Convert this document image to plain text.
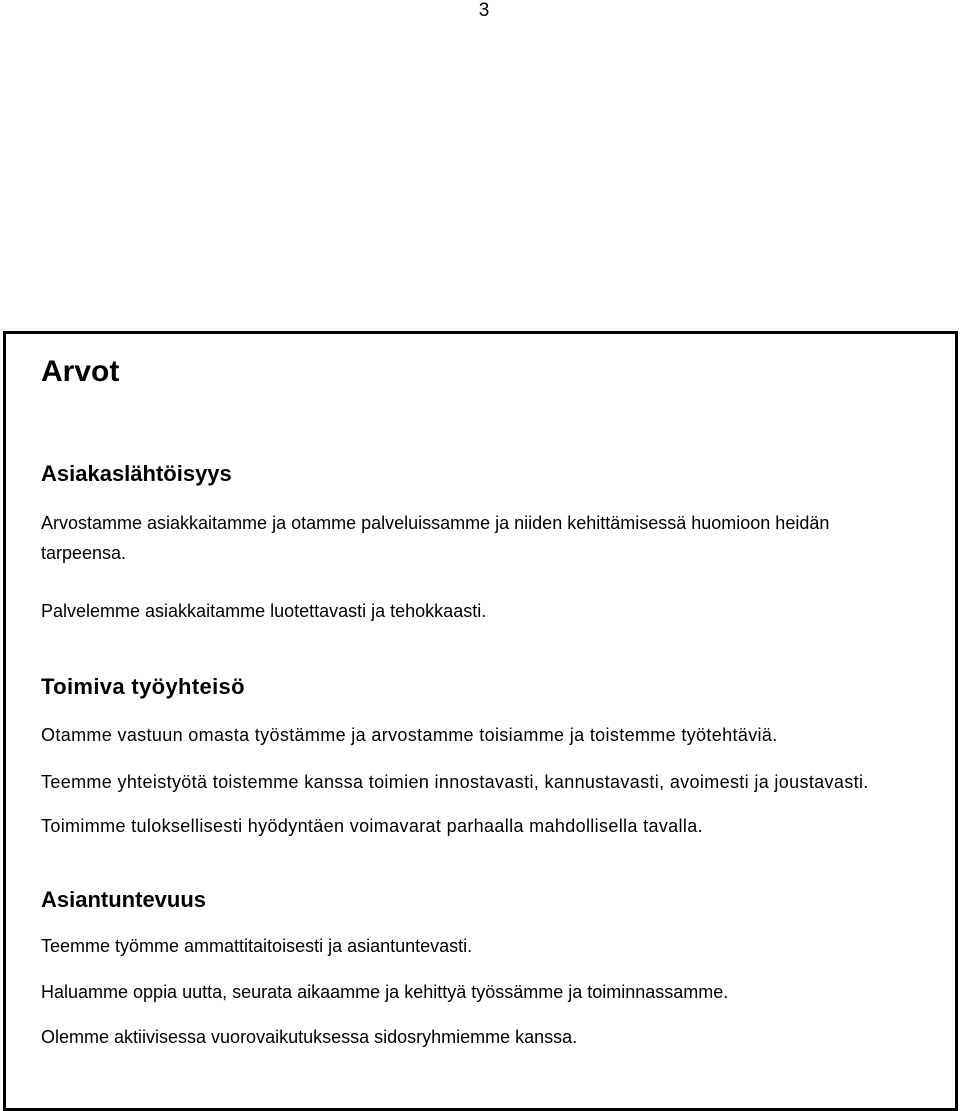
3
Arvot
Asiakaslähtöisyys

Arvostamme asiakkaitamme ja otamme palveluissamme ja niiden kehittämisessä huomioon heidän

tarpeensa.

Palvelemme asiakkaitamme luotettavasti ja tehokkaasti.

Toimiva työyhteisö

Otamme vastuun omasta työstämme ja arvostamme toisiamme ja toistemme työtehtäviä.

Teemme yhteistyötä toistemme kanssa toimien innostavasti, kannustavasti, avoimesti ja joustavasti.

Toimimme tuloksellisesti hyödyntäen voimavarat parhaalla mahdollisella tavalla.

Asiantuntevuus

Teemme työmme ammattitaitoisesti ja asiantuntevasti.

Haluamme oppia uutta, seurata aikaamme ja kehittyä työssämme ja toiminnassamme.

Olemme aktiivisessa vuorovaikutuksessa sidosryhmiemme kanssa.
